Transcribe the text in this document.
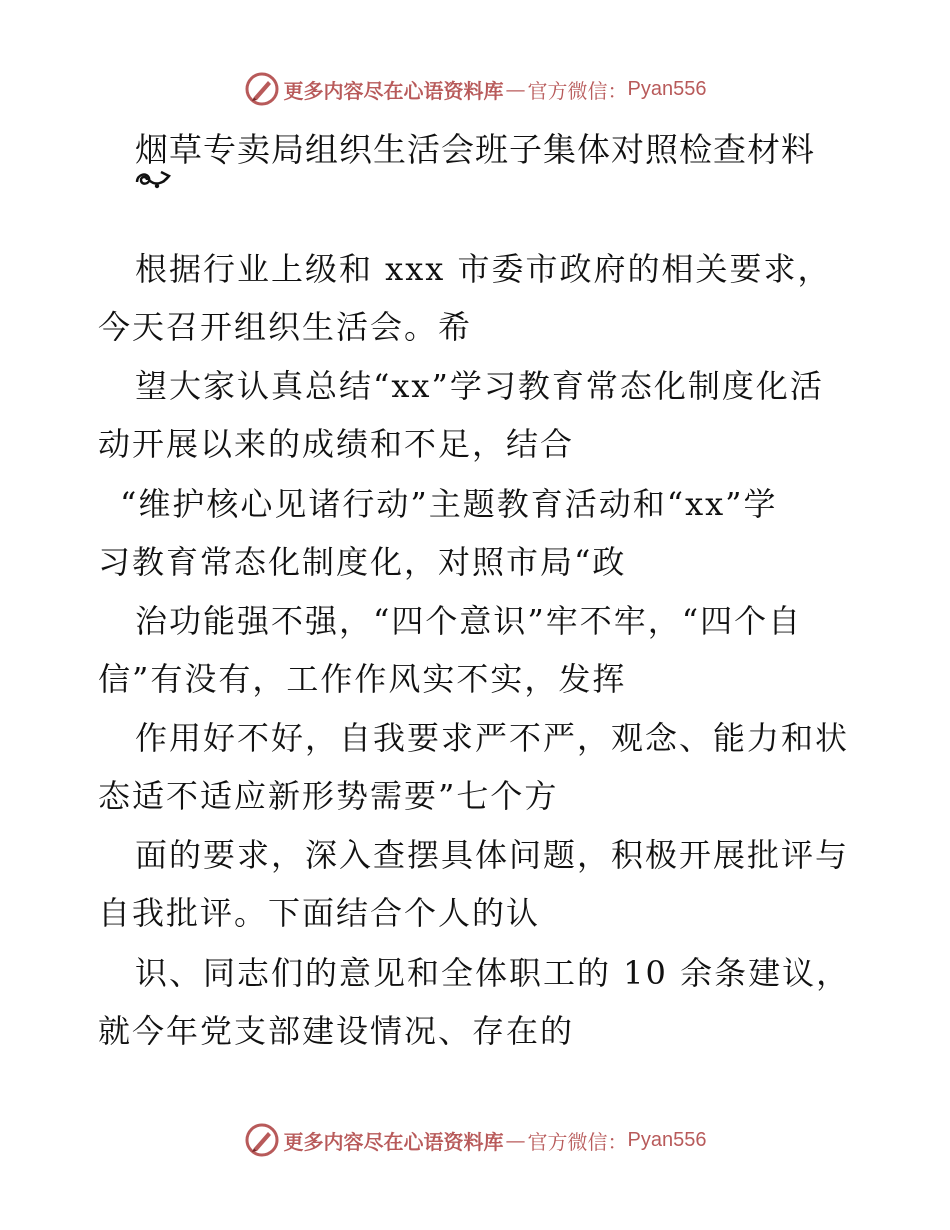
更多内容尽在心语资料库 — 官方微信： Pyan556
烟草专卖局组织生活会班子集体对照检查材料
根据行业上级和 xxx 市委市政府的相关要求，
今天召开组织生活会。希
望大家认真总结“xx”学习教育常态化制度化活
动开展以来的成绩和不足，结合
“维护核心见诸行动”主题教育活动和“xx”学
习教育常态化制度化，对照市局“政
治功能强不强，“四个意识”牢不牢，“四个自
信”有没有，工作作风实不实，发挥
作用好不好，自我要求严不严，观念、能力和状
态适不适应新形势需要”七个方
面的要求，深入查摆具体问题，积极开展批评与
自我批评。下面结合个人的认
识、同志们的意见和全体职工的 10 余条建议，
就今年党支部建设情况、存在的
更多内容尽在心语资料库 — 官方微信： Pyan556
